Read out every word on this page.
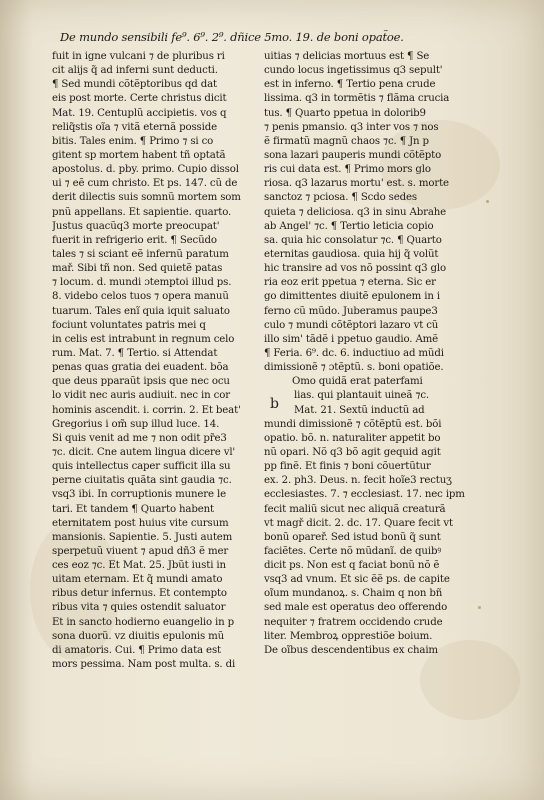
De mundo sensibili fe⁹. 6⁹. 2⁹. dñice 5mo. 19. de boni opat̃oe.
fuit in igne vulcani ⁊ de pluribus ri
cit alijs q̃ ad inferni sunt deducti.
¶ Sed mundi cõtẽptoribus qd dat
eis post morte. Certe christus dicit
Mat. 19. Centuplũ accipietis. vos q
reliq̃stis oĩa ⁊ vitã eternã posside
bitis. Tales enim. ¶ Primo ⁊ si co
gitent sp mortem habent tñ optatã
apostolus. d. pby. primo. Cupio dissol
ui ⁊ eẽ cum christo. Et ps. 147. cũ de
derit dilectis suis somnũ mortem som
pnũ appellans. Et sapientie. quarto.
Justus quacũq3 morte preocupat'
fuerit in refrigerio erit. ¶ Secũdo
tales ⁊ si sciant eẽ infernũ paratum
mař. Sibi tñ non. Sed quietẽ patas
⁊ locum. d. mundi ɔtemptoi illud ps.
8. videbo celos tuos ⁊ opera manuũ
tuarum. Tales enĩ quia iquit saluato
fociunt voluntates patris mei q
in celis est intrabunt in regnum celo
rum. Mat. 7. ¶ Tertio. si Attendat
penas quas gratia dei euadent. bõa
que deus pparaũt ipsis que nec ocu
lo vidit nec auris audiuit. nec in cor
hominis ascendit. i. corrin. 2. Et beat'
Gregorius i om̃ sup illud luce. 14.
Si quis venit ad me ⁊ non odit pr̃e3
⁊c. dicit. Cne autem lingua dicere vl'
quis intellectus caper sufficit illa su
perne ciuitatis quãta sint gaudia ⁊c.
vsq3 ibi. In corruptionis munere le
tari. Et tandem ¶ Quarto habent
eternitatem post huius vite cursum
mansionis. Sapientie. 5. Justi autem
sperpetuũ viuent ⁊ apud dñ3 ẽ mer
ces eoz ⁊c. Et Mat. 25. Jbũt iusti in
uitam eternam. Et q̃ mundi amato
ribus detur infernus. Et contempto
ribus vita ⁊ quies ostendit saluator
Et in sancto hodierno euangelio in p
sona duorũ. vz diuitis epulonis mũ
di amatoris. Cui. ¶ Primo data est
mors pessima. Nam post multa. s. di
uitias ⁊ delicias mortuus est ¶ Se
cundo locus ingetissimus q3 sepult'
est in inferno. ¶ Tertio pena crude
lissima. q3 in tormẽtis ⁊ flãma crucia
tus. ¶ Quarto ppetua in dolorib9
⁊ penis pmansio. q3 inter vos ⁊ nos
ẽ firmatũ magnũ chaos ⁊c. ¶ Jn p
sona lazari pauperis mundi cõtẽpto
ris cui data est. ¶ Primo mors glo
riosa. q3 lazarus mortu' est. s. morte
sanctoz ⁊ pciosa. ¶ Scdo sedes
quieta ⁊ deliciosa. q3 in sinu Abrahe
ab Angel' ⁊c. ¶ Tertio leticia copio
sa. quia hic consolatur ⁊c. ¶ Quarto
eternitas gaudiosa. quia hij q̃ volũt
hic transire ad vos nõ possint q3 glo
ria eoz erit ppetua ⁊ eterna. Sic er
go dimittentes diuitẽ epulonem in i
ferno cũ mũdo. Juberamus paupe3
culo ⁊ mundi cõtẽptori lazaro vt cũ
illo sim' tãdẽ i ppetuo gaudio. Amẽ
¶ Feria. 6⁹. dc. 6. inductiuo ad mũdi
dimissionẽ ⁊ ɔtẽptũ. s. boni opatiõe.
Omo quidã erat paterfami
lias. qui plantauit uineã ⁊c.
Mat. 21. Sextũ inductũ ad
mundi dimissionẽ ⁊ cõtẽptũ est. bõi
opatio. bõ. n. naturaliter appetit bo
nũ opari. Nõ q3 bõ agit gequid agit
pp finẽ. Et finis ⁊ boni cõuertũtur
ex. 2. ph3. Deus. n. fecit hoĩe3 rectuʒ
ecclesiastes. 7. ⁊ ecclesiast. 17. nec ipm
fecit maliũ sicut nec aliquã creaturã
vt magř dicit. 2. dc. 17. Quare fecit vt
bonũ opareř. Sed istud bonũ q̃ sunt
faciẽtes. Certe nõ mũdanĩ. de quibꝰ
dicit ps. Non est q faciat bonũ nõ ẽ
vsq3 ad vnum. Et sic ẽẽ ps. de capite
oĩum mundanoꝝ. s. Chaim q non bñ
sed male est operatus deo offerendo
nequiter ⁊ fratrem occidendo crude
liter. Membroꝝ opprestiõe boium.
De oĩbus descendentibus ex chaim
b
